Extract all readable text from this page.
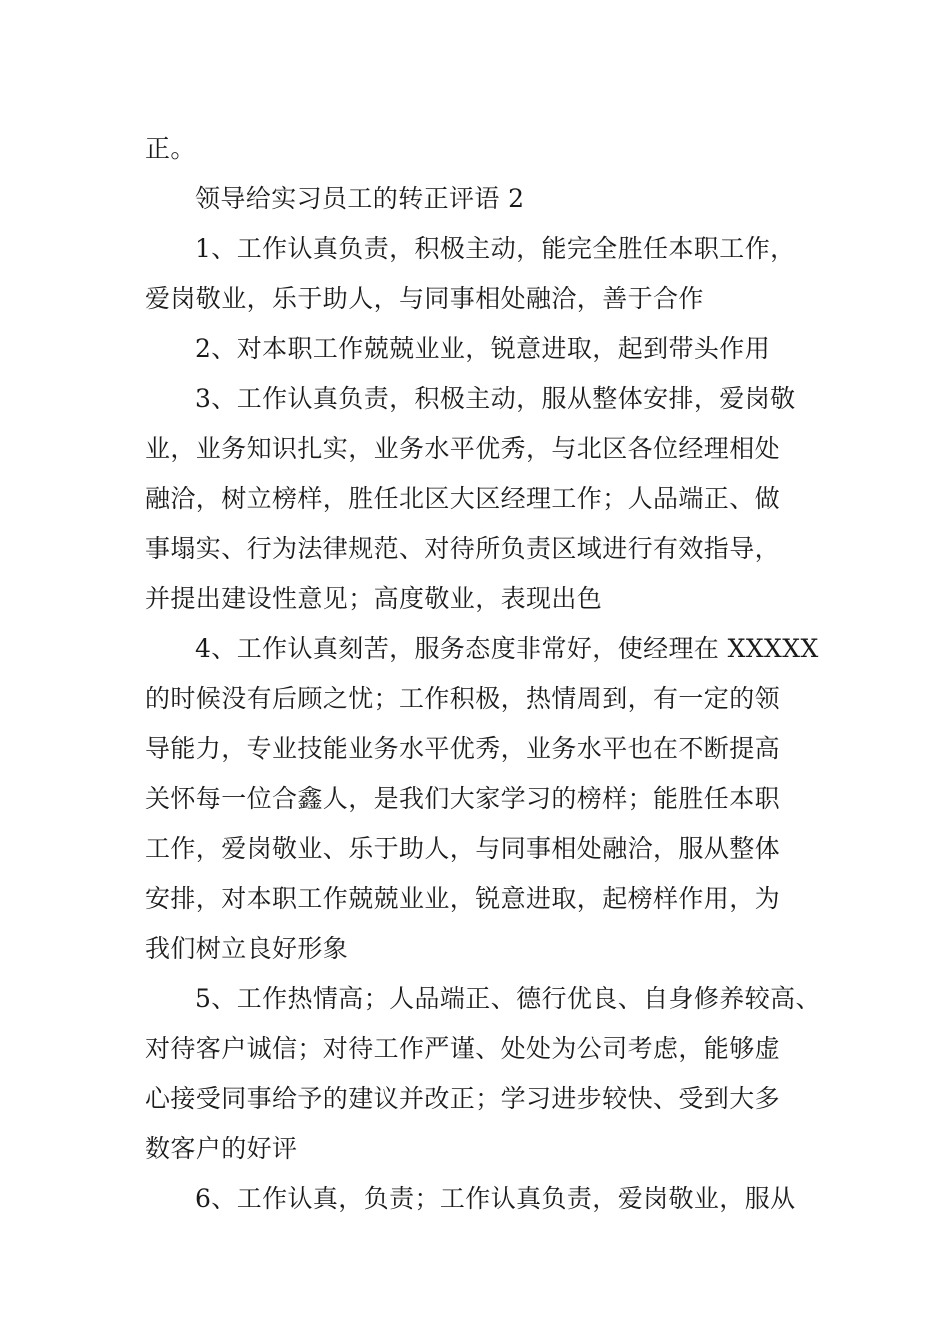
正。
领导给实习员工的转正评语 2
1、工作认真负责，积极主动，能完全胜任本职工作，
爱岗敬业，乐于助人，与同事相处融洽，善于合作
2、对本职工作兢兢业业，锐意进取，起到带头作用
3、工作认真负责，积极主动，服从整体安排，爱岗敬
业，业务知识扎实，业务水平优秀，与北区各位经理相处
融洽，树立榜样，胜任北区大区经理工作；人品端正、做
事塌实、行为法律规范、对待所负责区域进行有效指导，
并提出建设性意见；高度敬业，表现出色
4、工作认真刻苦，服务态度非常好，使经理在 XXXXX
的时候没有后顾之忧；工作积极，热情周到，有一定的领
导能力，专业技能业务水平优秀，业务水平也在不断提高
关怀每一位合鑫人，是我们大家学习的榜样；能胜任本职
工作，爱岗敬业、乐于助人，与同事相处融洽，服从整体
安排，对本职工作兢兢业业，锐意进取，起榜样作用，为
我们树立良好形象
5、工作热情高；人品端正、德行优良、自身修养较高、
对待客户诚信；对待工作严谨、处处为公司考虑，能够虚
心接受同事给予的建议并改正；学习进步较快、受到大多
数客户的好评
6、工作认真，负责；工作认真负责，爱岗敬业，服从
